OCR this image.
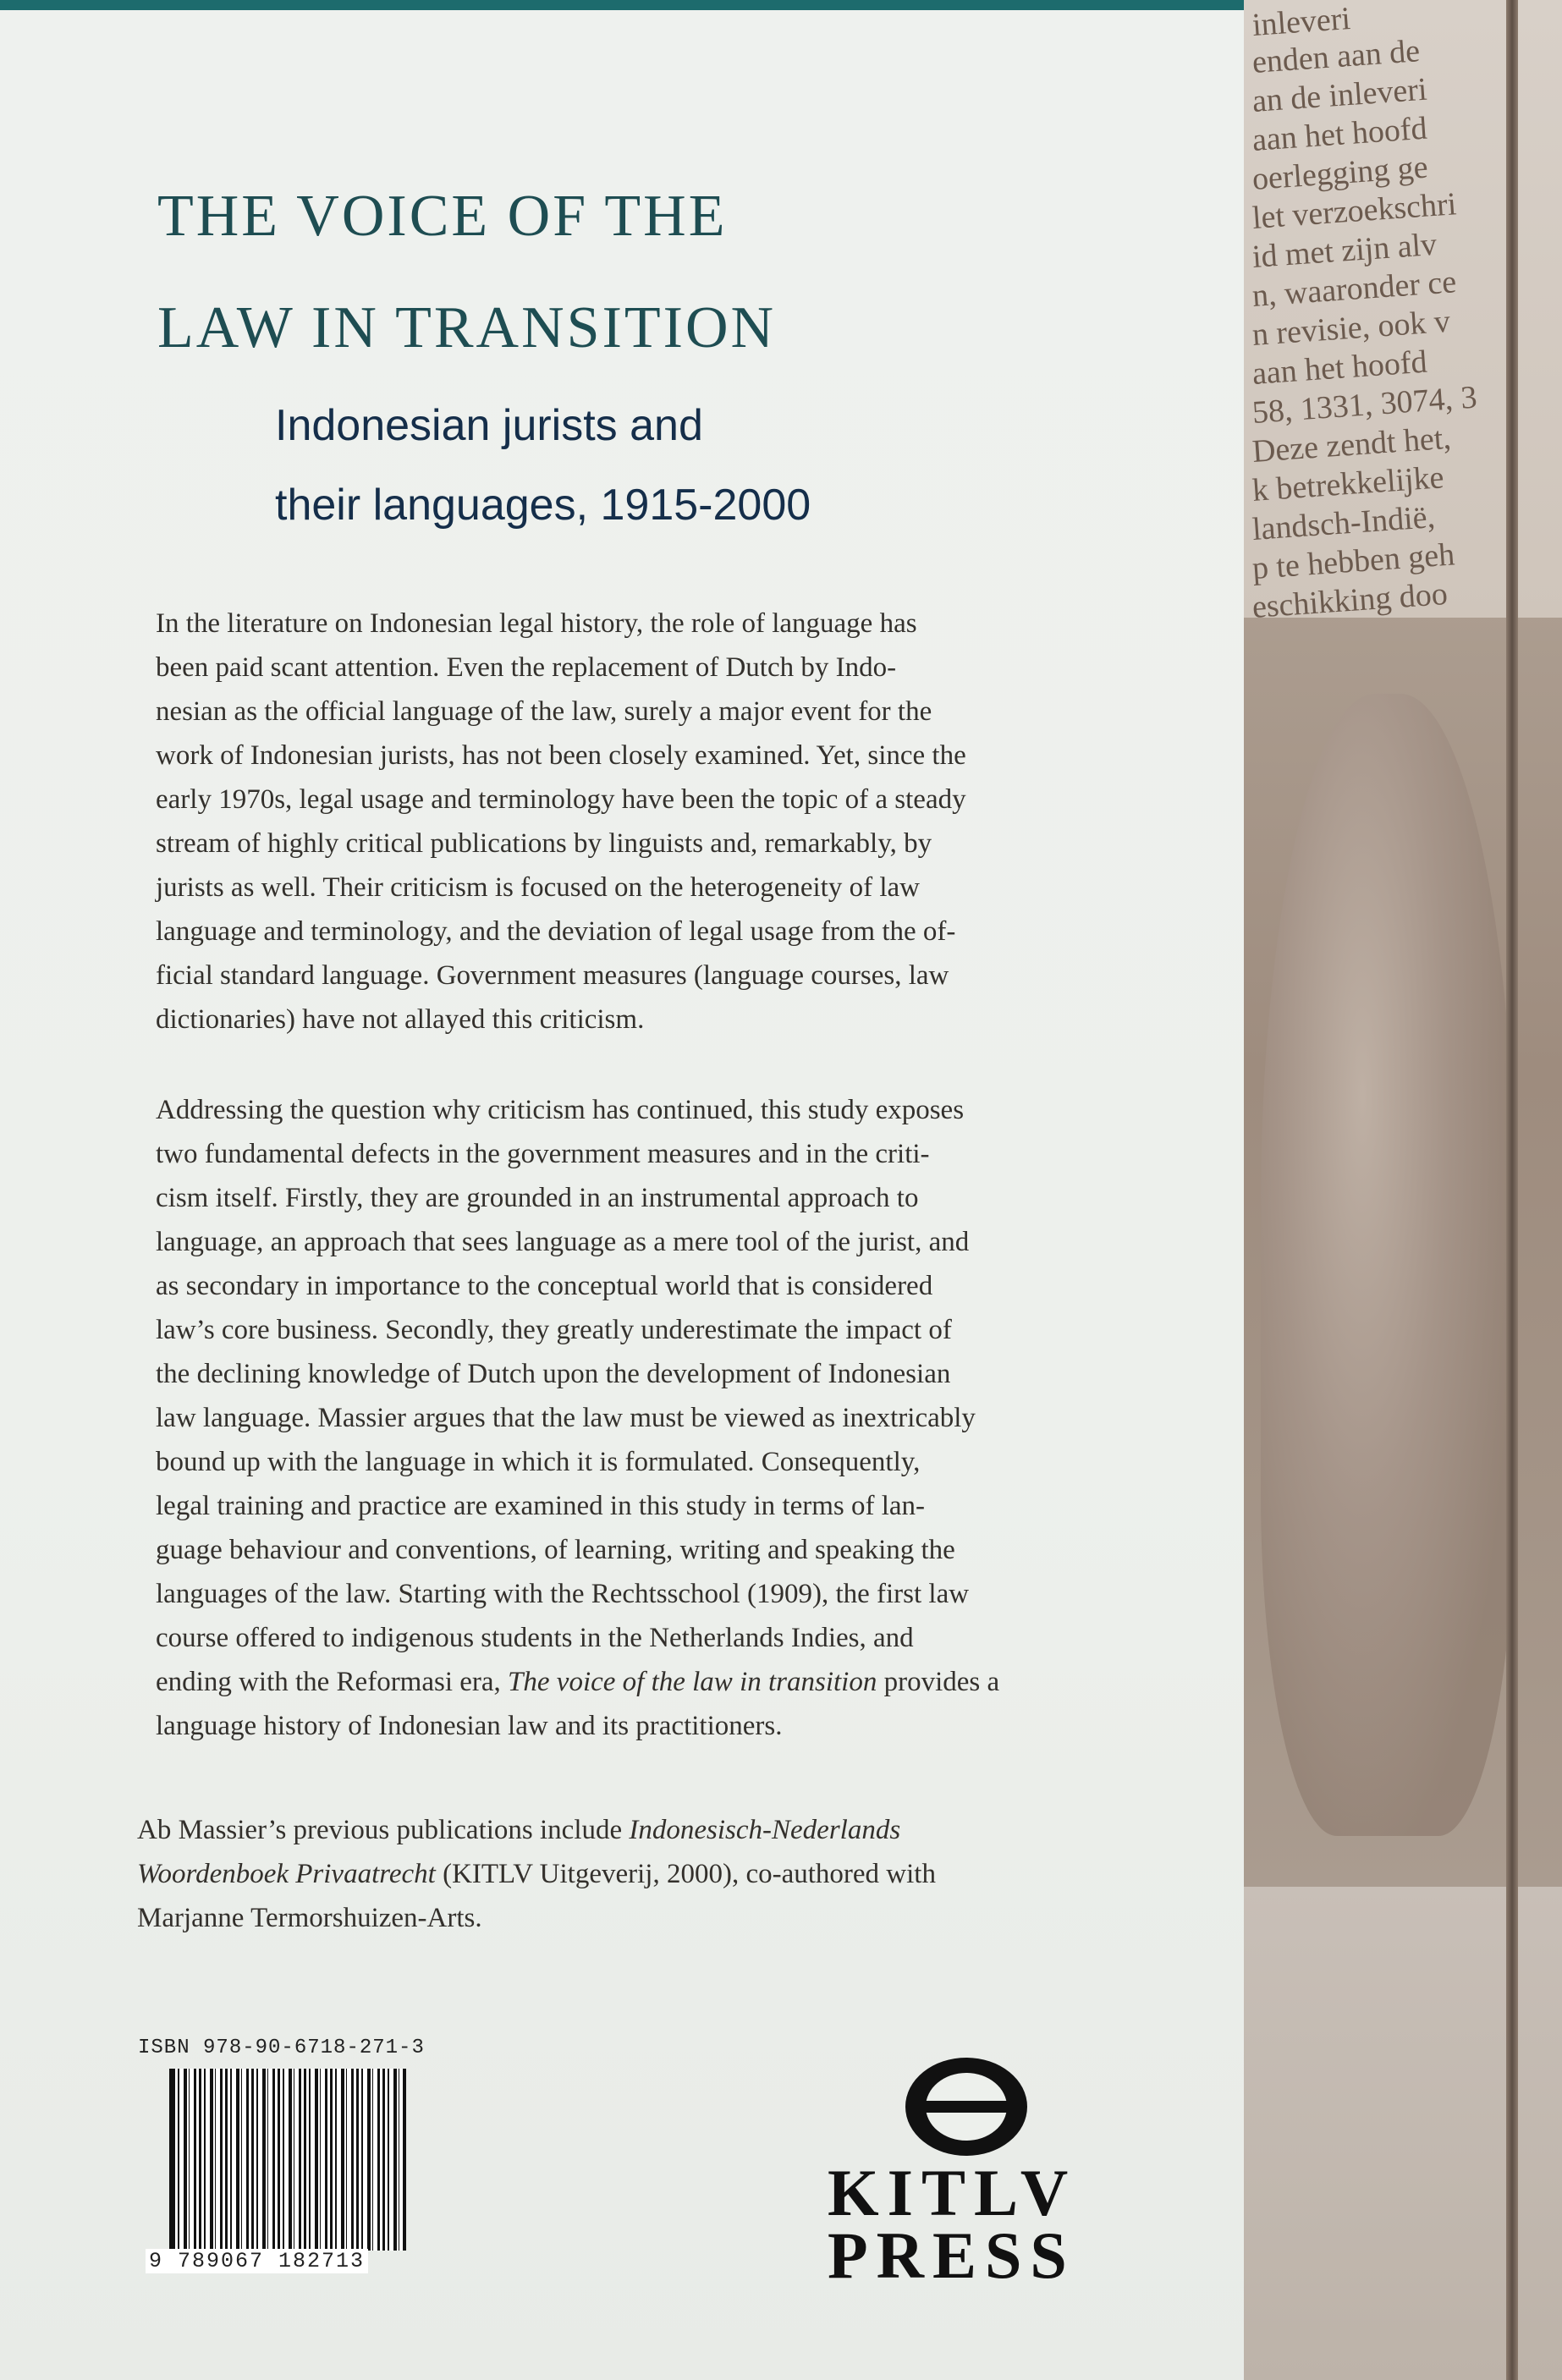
THE VOICE OF THE
LAW IN TRANSITION
Indonesian jurists and
their languages, 1915-2000

In the literature on Indonesian legal history, the role of language has
been paid scant attention. Even the replacement of Dutch by Indo-
nesian as the official language of the law, surely a major event for the
work of Indonesian jurists, has not been closely examined. Yet, since the
early 1970s, legal usage and terminology have been the topic of a steady
stream of highly critical publications by linguists and, remarkably, by
jurists as well. Their criticism is focused on the heterogeneity of law
language and terminology, and the deviation of legal usage from the of-
ficial standard language. Government measures (language courses, law
dictionaries) have not allayed this criticism.

Addressing the question why criticism has continued, this study exposes
two fundamental defects in the government measures and in the criti-
cism itself. Firstly, they are grounded in an instrumental approach to
language, an approach that sees language as a mere tool of the jurist, and
as secondary in importance to the conceptual world that is considered
law’s core business. Secondly, they greatly underestimate the impact of
the declining knowledge of Dutch upon the development of Indonesian
law language. Massier argues that the law must be viewed as inextricably
bound up with the language in which it is formulated. Consequently,
legal training and practice are examined in this study in terms of lan-
guage behaviour and conventions, of learning, writing and speaking the
languages of the law. Starting with the Rechtsschool (1909), the first law
course offered to indigenous students in the Netherlands Indies, and
ending with the Reformasi era, The voice of the law in transition provides a
language history of Indonesian law and its practitioners.

Ab Massier’s previous publications include Indonesisch-Nederlands
Woordenboek Privaatrecht (KITLV Uitgeverij, 2000), co-authored with
Marjanne Termorshuizen-Arts.

ISBN 978-90-6718-271-3
9 789067 182713
KITLV
PRESS
inleveri
enden aan de
an de inleveri
aan het hoofd
oerlegging ge
let verzoekschri
id met zijn alv
n, waaronder ce
n revisie, ook v
aan het hoofd
58, 1331, 3074, 3
Deze zendt het,
k betrekkelijke
landsch-Indië,
p te hebben geh
eschikking doo
